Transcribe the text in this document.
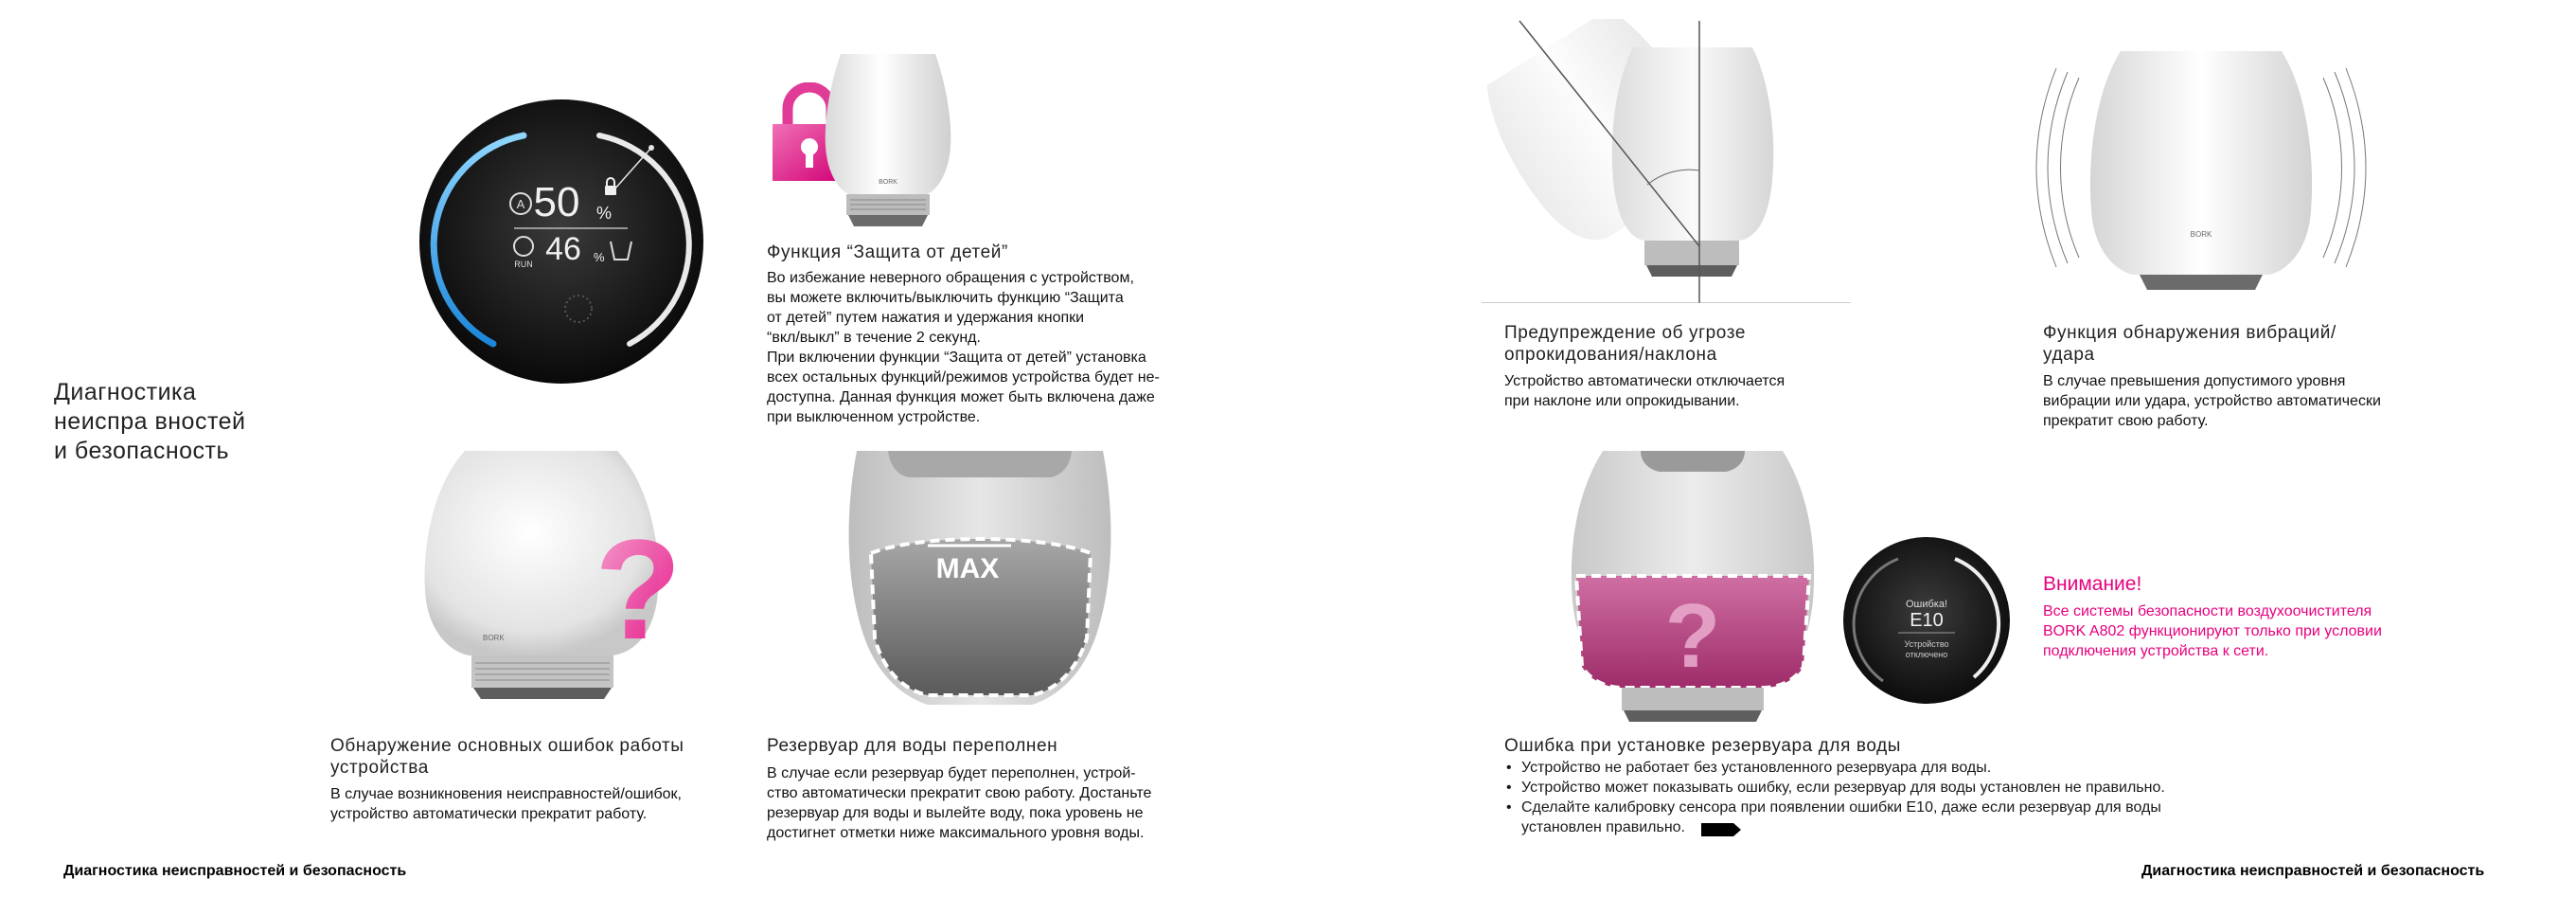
Диагностика
неиспра вностей
и безопасность
A 50 %
RUN 46 %
BORK
Функция “Защита от детей”
Во избежание неверного обращения с устройством,
вы можете включить/выключить функцию “Защита
от детей” путем нажатия и удержания кнопки
“вкл/выкл” в течение 2 секунд.
При включении функции “Защита от детей” установка
всех остальных функций/режимов устройства будет не-
доступна. Данная функция может быть включена даже
при выключенном устройстве.
BORK ?
Обнаружение основных ошибок работы
устройства
В случае возникновения неисправностей/ошибок,
устройство автоматически прекратит работу.
MAX
Резервуар для воды переполнен
В случае если резервуар будет переполнен, устрой-
ство автоматически прекратит свою работу. Достаньте
резервуар для воды и вылейте воду, пока уровень не
достигнет отметки ниже максимального уровня воды.
Диагностика неисправностей и безопасность
Предупреждение об угрозе
опрокидования/наклона
Устройство автоматически отключается
при наклоне или опрокидывании.
BORK
Функция обнаружения вибраций/
удара
В случае превышения допустимого уровня
вибрации или удара, устройство автоматически
прекратит свою работу.
?	Ошибка!
E10
Устройство
отключено
Внимание!
Все системы безопасности воздухоочистителя
BORK A802 функционируют только при условии
подключения устройства к сети.
Ошибка при установке резервуара для воды
• Устройство не работает без установленного резервуара для воды.
• Устройство может показывать ошибку, если резервуар для воды установлен не правильно.
• Сделайте калибровку сенсора при появлении ошибки E10, даже если резервуар для воды
установлен правильно.
Диагностика неисправностей и безопасность
